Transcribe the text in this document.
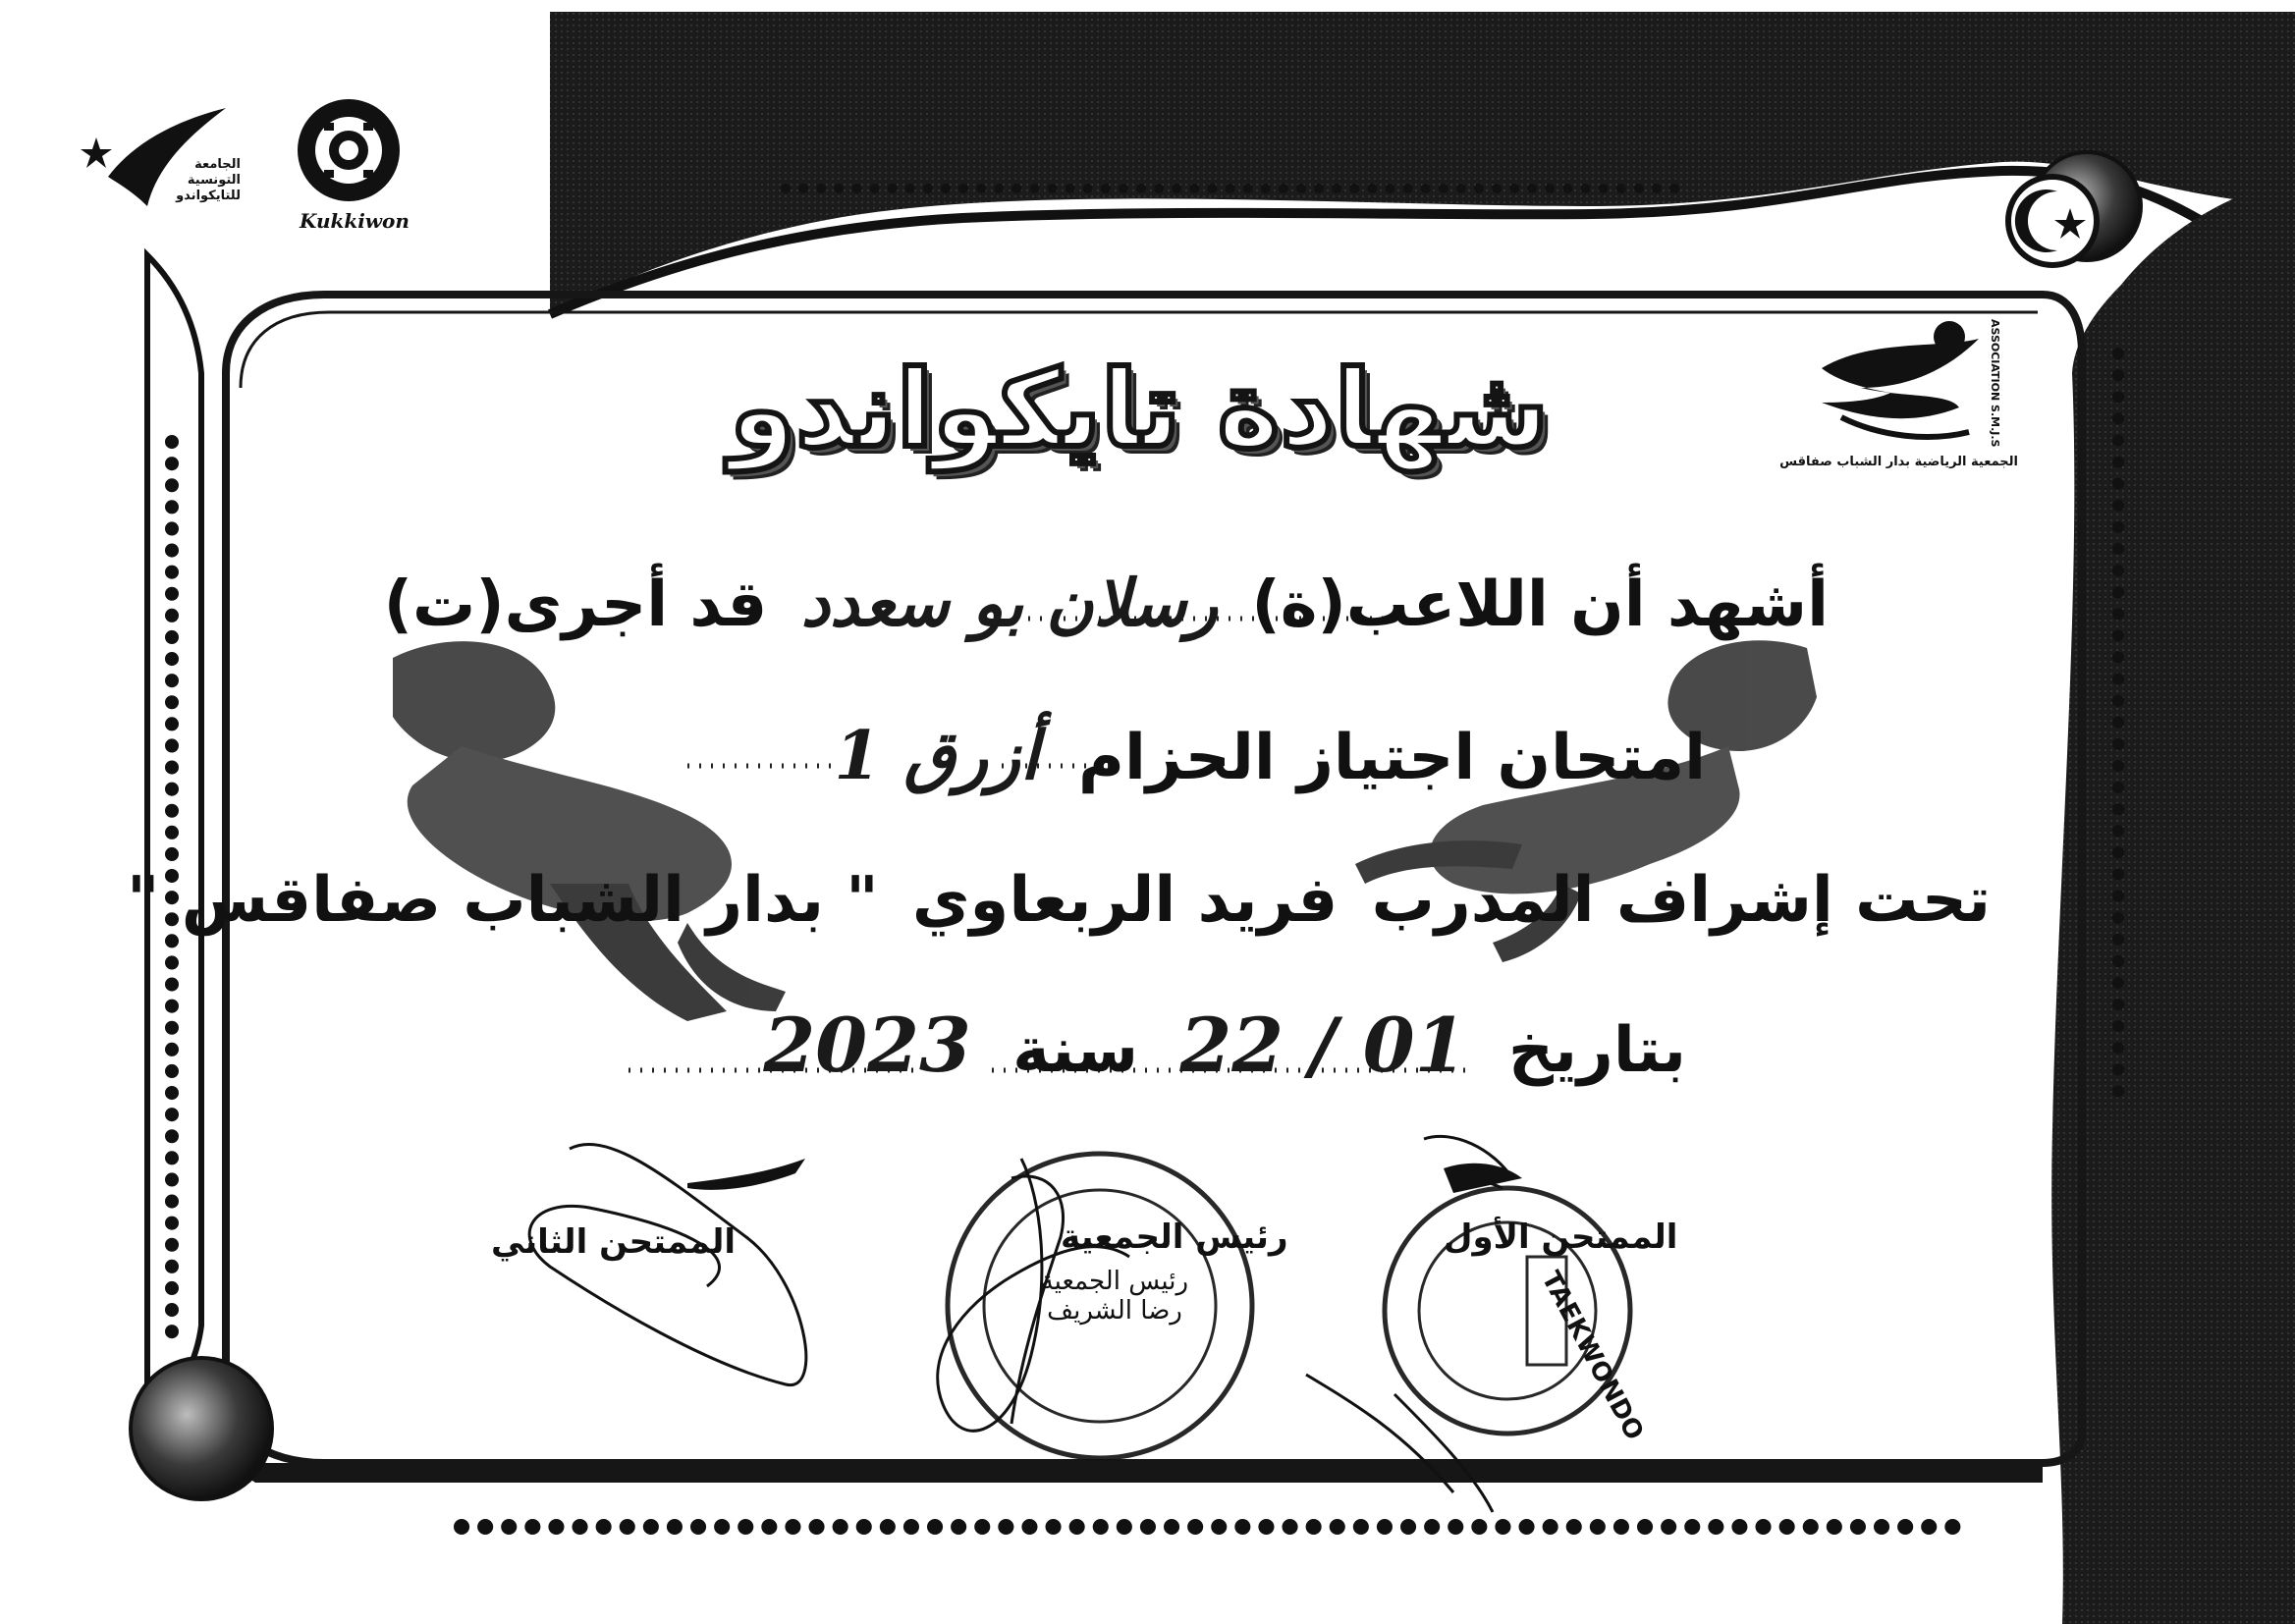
الجامعة
التونسية
للتايكواندو
Kukkiwon
ASSOCIATION S.M.J.S
الجمعية الرياضية بدار الشباب صفاقس
شهادة تايكواندو
أشهد أن اللاعب(ة) رسلان بو سعدد قد أجرى(ت)
امتحان اجتياز الحزام أزرق 1
تحت إشراف المدرب فريد الربعاوي " بدار الشباب صفاقس "
بتاريخ 22 / 01 سنة 2023
الممتحن الأول
رئيس الجمعية
الممتحن الثاني
رئيس الجمعية
رضا الشريف	TAEKWONDO
